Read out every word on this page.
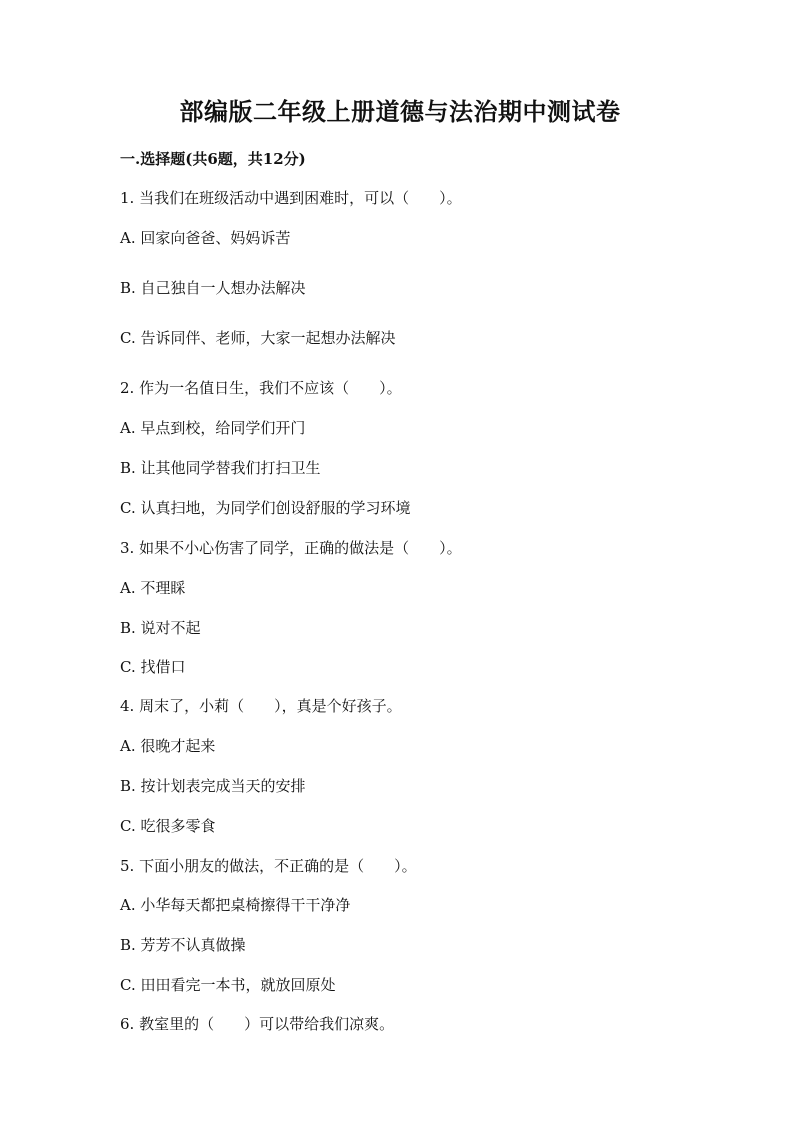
部编版二年级上册道德与法治期中测试卷
一.选择题(共6题，共12分)
1. 当我们在班级活动中遇到困难时，可以（　　）。
A. 回家向爸爸、妈妈诉苦
B. 自己独自一人想办法解决
C. 告诉同伴、老师，大家一起想办法解决
2. 作为一名值日生，我们不应该（　　）。
A. 早点到校，给同学们开门
B. 让其他同学替我们打扫卫生
C. 认真扫地，为同学们创设舒服的学习环境
3. 如果不小心伤害了同学，正确的做法是（　　）。
A. 不理睬
B. 说对不起
C. 找借口
4. 周末了，小莉（　　），真是个好孩子。
A. 很晚才起来
B. 按计划表完成当天的安排
C. 吃很多零食
5. 下面小朋友的做法，不正确的是（　　）。
A. 小华每天都把桌椅擦得干干净净
B. 芳芳不认真做操
C. 田田看完一本书，就放回原处
6. 教室里的（　　）可以带给我们凉爽。
